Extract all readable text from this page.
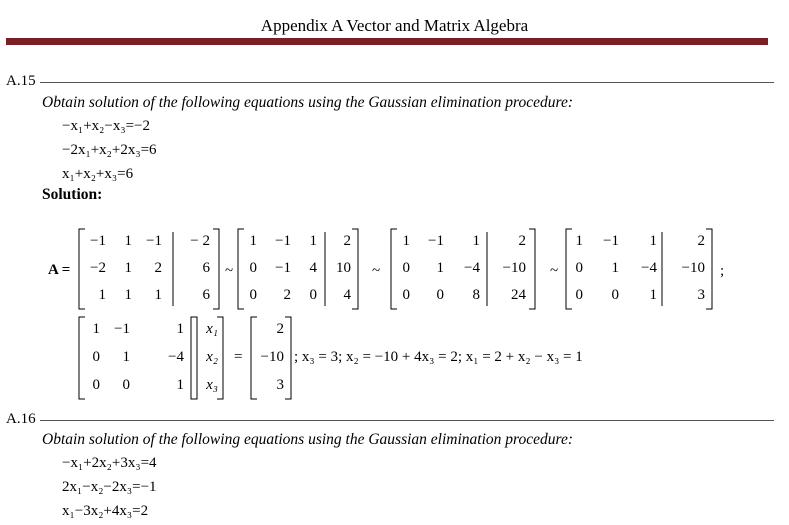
Appendix A Vector and Matrix Algebra
A.15
Obtain solution of the following equations using the Gaussian elimination procedure:
−x₁+x₂−x₃=−2
−2x₁+x₂+2x₃=6
x₁+x₂+x₃=6
Solution:
A =
−1 1 −1 − 2
−2 1 2	6
1 1 1	6
~
1 −1 1 2
0 −1 4 10
0 2 0 4
~
1 −1 1	2
0 1 −4 −10
0 0 8 24
~
1 −1 1	2
0 1 −4 −10
0 0 1	3
;
1 −1	1
0 1	−4
0 0	1
x₁
x₂
x₃
=
2
−10
3
; x₃ = 3; x₂ = −10 + 4x₃ = 2; x₁ = 2 + x₂ − x₃ = 1
A.16
Obtain solution of the following equations using the Gaussian elimination procedure:
−x₁+2x₂+3x₃=4
2x₁−x₂−2x₃=−1
x₁−3x₂+4x₃=2
